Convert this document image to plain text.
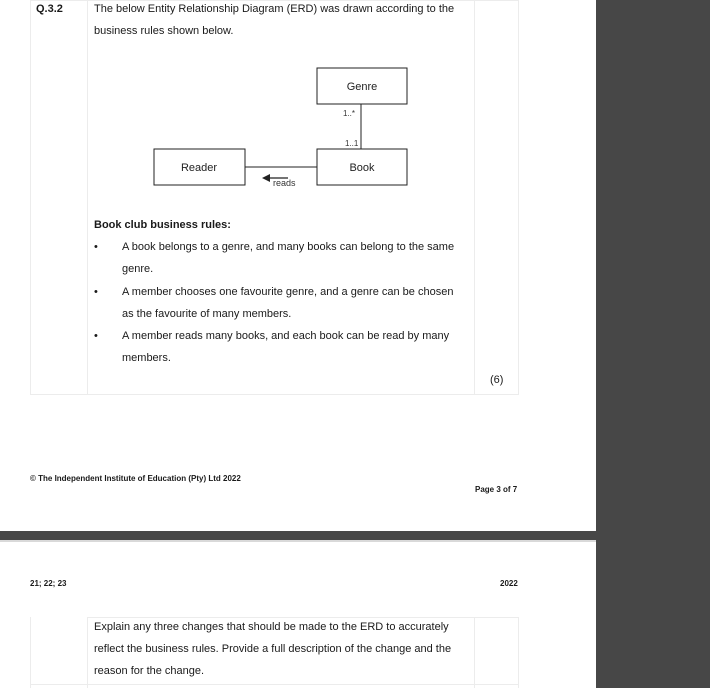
Q.3.2	The below Entity Relationship Diagram (ERD) was drawn according to the business rules shown below.
Genre
Book
Reader
1..*
1..1
reads
Book club business rules:
• A book belongs to a genre, and many books can belong to the same genre.
• A member chooses one favourite genre, and a genre can be chosen as the favourite of many members.
• A member reads many books, and each book can be read by many members.
(6)
© The Independent Institute of Education (Pty) Ltd 2022
Page 3 of 7
21; 22; 23	2022
Explain any three changes that should be made to the ERD to accurately reflect the business rules. Provide a full description of the change and the reason for the change.
